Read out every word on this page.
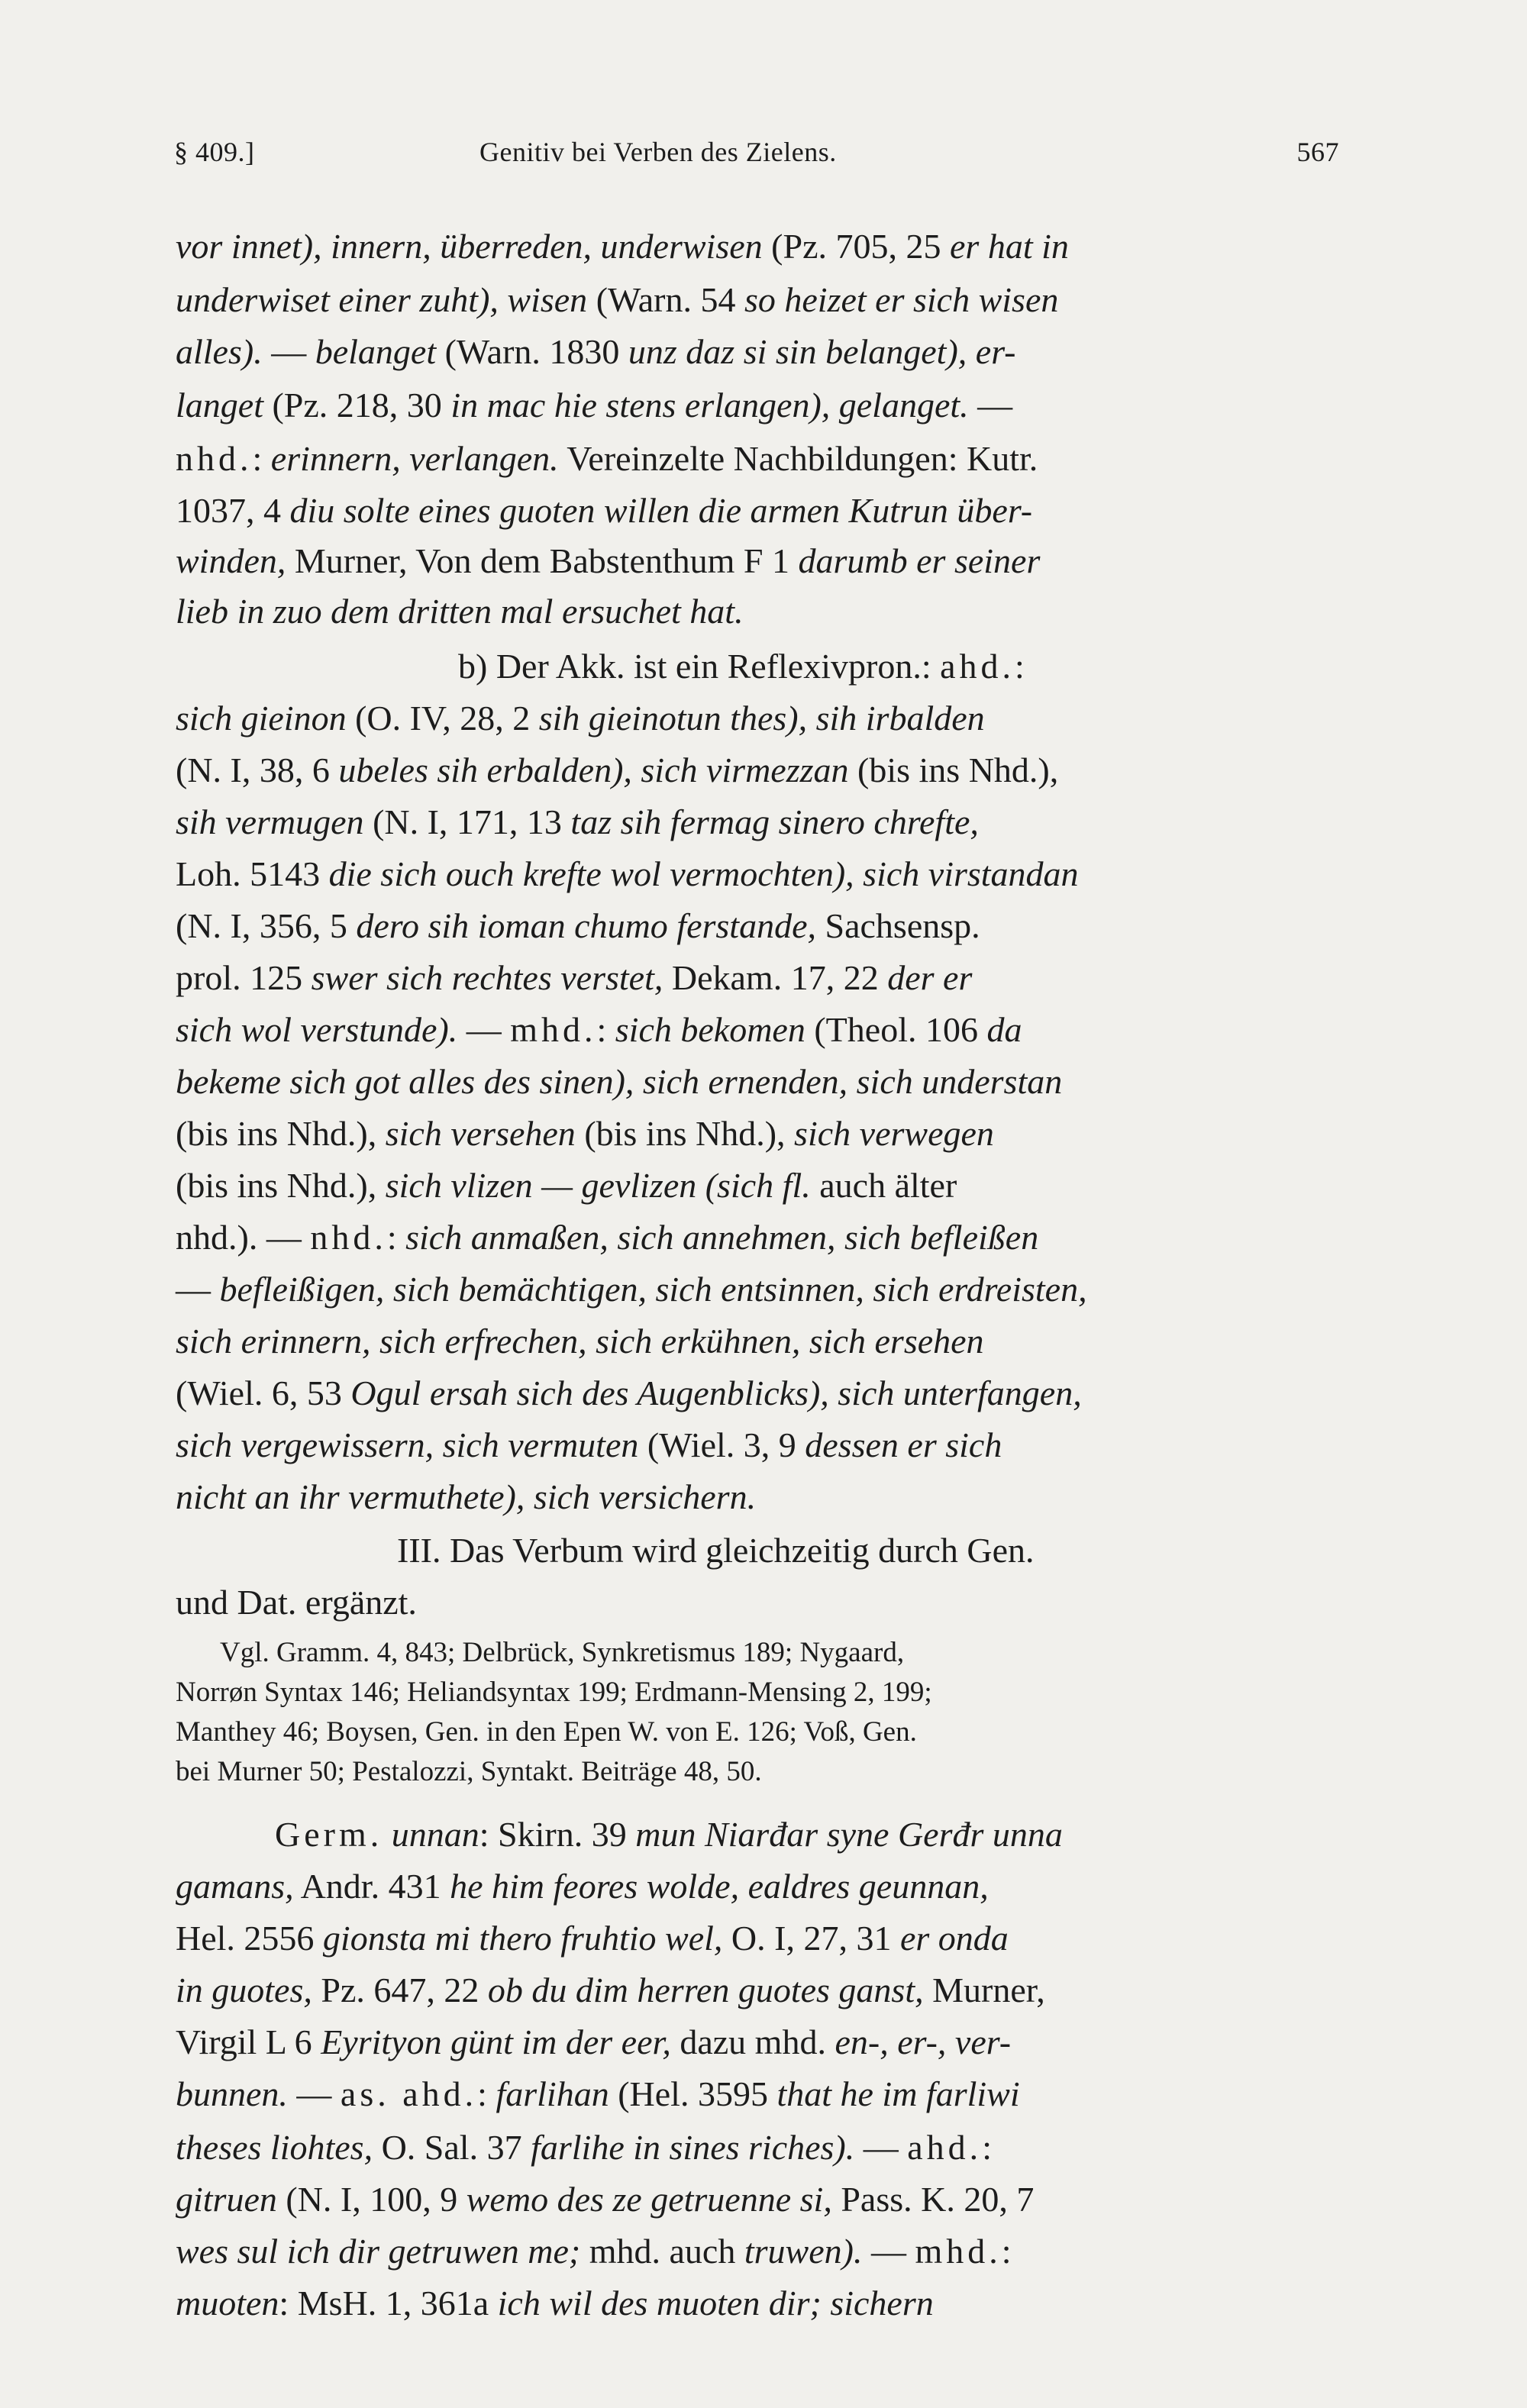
§ 409.]	Genitiv bei Verben des Zielens.	567
vor innet), innern, überreden, underwisen (Pz. 705, 25 er hat in
underwiset einer zuht), wisen (Warn. 54 so heizet er sich wisen
alles). — belanget (Warn. 1830 unz daz si sin belanget), er-
langet (Pz. 218, 30 in mac hie stens erlangen), gelanget. —
nhd.: erinnern, verlangen. Vereinzelte Nachbildungen: Kutr.
1037, 4 diu solte eines guoten willen die armen Kutrun über-
winden, Murner, Von dem Babstenthum F 1 darumb er seiner
lieb in zuo dem dritten mal ersuchet hat.
b) Der Akk. ist ein Reflexivpron.: ahd.:
sich gieinon (O. IV, 28, 2 sih gieinotun thes), sih irbalden
(N. I, 38, 6 ubeles sih erbalden), sich virmezzan (bis ins Nhd.),
sih vermugen (N. I, 171, 13 taz sih fermag sinero chrefte,
Loh. 5143 die sich ouch krefte wol vermochten), sich virstandan
(N. I, 356, 5 dero sih ioman chumo ferstande, Sachsensp.
prol. 125 swer sich rechtes verstet, Dekam. 17, 22 der er
sich wol verstunde). — mhd.: sich bekomen (Theol. 106 da
bekeme sich got alles des sinen), sich ernenden, sich understan
(bis ins Nhd.), sich versehen (bis ins Nhd.), sich verwegen
(bis ins Nhd.), sich vlizen — gevlizen (sich fl. auch älter
nhd.). — nhd.: sich anmaßen, sich annehmen, sich befleißen
— befleißigen, sich bemächtigen, sich entsinnen, sich erdreisten,
sich erinnern, sich erfrechen, sich erkühnen, sich ersehen
(Wiel. 6, 53 Ogul ersah sich des Augenblicks), sich unterfangen,
sich vergewissern, sich vermuten (Wiel. 3, 9 dessen er sich
nicht an ihr vermuthete), sich versichern.
III. Das Verbum wird gleichzeitig durch Gen.
und Dat. ergänzt.
Vgl. Gramm. 4, 843; Delbrück, Synkretismus 189; Nygaard,
Norrøn Syntax 146; Heliandsyntax 199; Erdmann-Mensing 2, 199;
Manthey 46; Boysen, Gen. in den Epen W. von E. 126; Voß, Gen.
bei Murner 50; Pestalozzi, Syntakt. Beiträge 48, 50.
Germ. unnan: Skirn. 39 mun Niarđar syne Gerđr unna
gamans, Andr. 431 he him feores wolde, ealdres geunnan,
Hel. 2556 gionsta mi thero fruhtio wel, O. I, 27, 31 er onda
in guotes, Pz. 647, 22 ob du dim herren guotes ganst, Murner,
Virgil L 6 Eyrityon günt im der eer, dazu mhd. en-, er-, ver-
bunnen. — as. ahd.: farlihan (Hel. 3595 that he im farliwi
theses liohtes, O. Sal. 37 farlihe in sines riches). — ahd.:
gitruen (N. I, 100, 9 wemo des ze getruenne si, Pass. K. 20, 7
wes sul ich dir getruwen me; mhd. auch truwen). — mhd.:
muoten: MsH. 1, 361a ich wil des muoten dir; sichern
